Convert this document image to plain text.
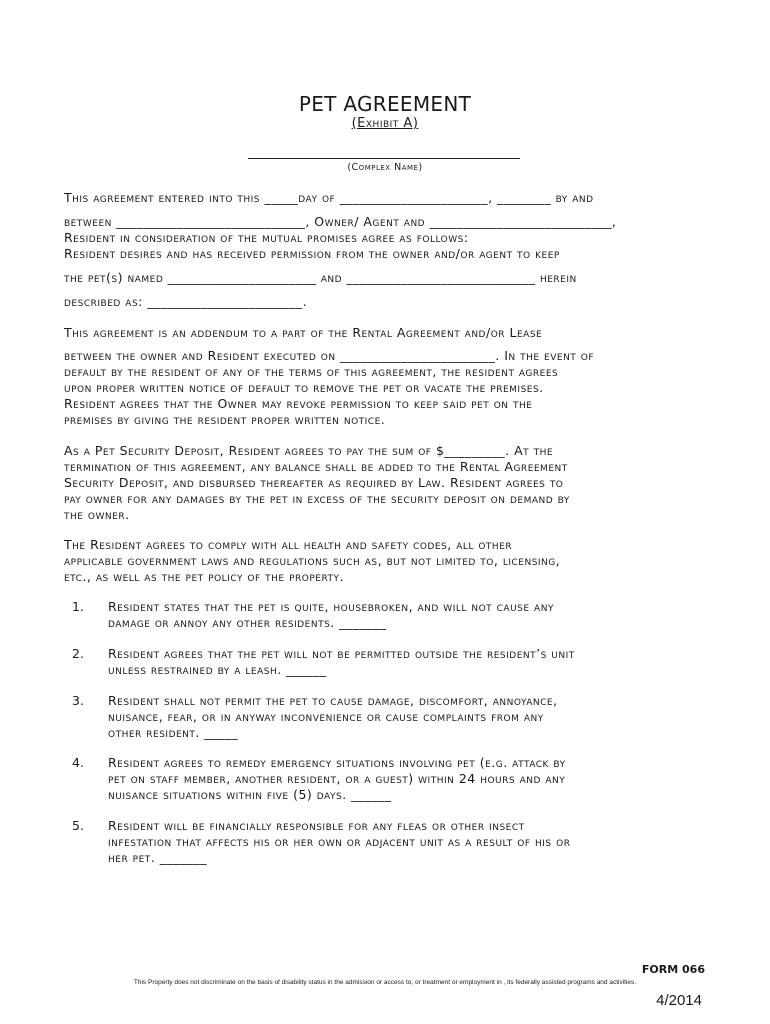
PET AGREEMENT
(Exhibit A)
(Complex Name)
This agreement entered into this _____day of ______________________, ________ by and
between ____________________________, Owner/ Agent and ___________________________,
Resident in consideration of the mutual promises agree as follows:
Resident desires and has received permission from the owner and/or agent to keep
the pet(s) named ______________________ and ____________________________ herein
described as: _______________________.
This agreement is an addendum to a part of the Rental Agreement and/or Lease
between the owner and Resident executed on _______________________. In the event of
default by the resident of any of the terms of this agreement, the resident agrees
upon proper written notice of default to remove the pet or vacate the premises.
Resident agrees that the Owner may revoke permission to keep said pet on the
premises by giving the resident proper written notice.
As a Pet Security Deposit, Resident agrees to pay the sum of $_________. At the
termination of this agreement, any balance shall be added to the Rental Agreement
Security Deposit, and disbursed thereafter as required by Law. Resident agrees to
pay owner for any damages by the pet in excess of the security deposit on demand by
the owner.
The Resident agrees to comply with all health and safety codes, all other
applicable government laws and regulations such as, but not limited to, licensing,
etc., as well as the pet policy of the property.
1. Resident states that the pet is quite, housebroken, and will not cause any
damage or annoy any other residents. _______
2. Resident agrees that the pet will not be permitted outside the resident’s unit
unless restrained by a leash. ______
3. Resident shall not permit the pet to cause damage, discomfort, annoyance,
nuisance, fear, or in anyway inconvenience or cause complaints from any
other resident. _____
4. Resident agrees to remedy emergency situations involving pet (e.g. attack by
pet on staff member, another resident, or a guest) within 24 hours and any
nuisance situations within five (5) days. ______
5. Resident will be financially responsible for any fleas or other insect
infestation that affects his or her own or adjacent unit as a result of his or
her pet. _______
FORM 066
This Property does not discriminate on the basis of disability status in the admission or access to, or treatment or employment in , its federally assisted programs and activities.
4/2014
